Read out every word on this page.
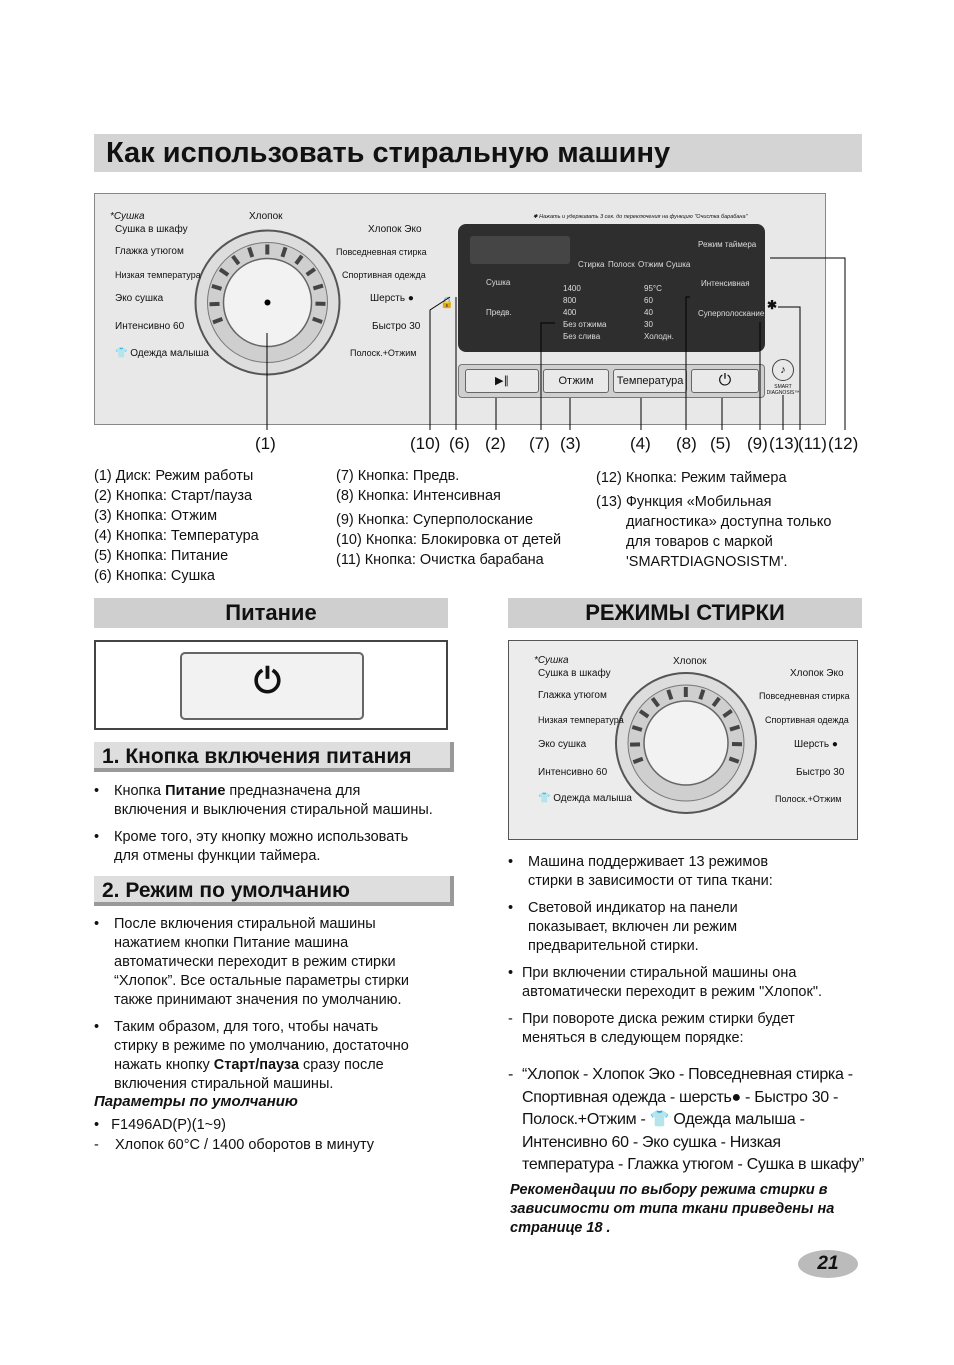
Как использовать стиральную машину
*Сушка
Сушка в шкафу
Глажка утюгом
Низкая температура
Эко сушка
Интенсивно 60
👕 Одежда малыша
Хлопок
Хлопок Эко
Повседневная стирка
Спортивная одежда
Шерсть ●
Быстро 30
Полоск.+Отжим
✱ Нажать и удерживать 3 сек. до переключения на функцию "Очистка барабана"
Стирка Полоск Отжим Сушка
Режим таймера
Сушка
Предв.
1400
800
400
Без отжима
Без слива
95°C
60
40
30
Холодн.
Интенсивная
Суперполоскание
▶∥	Отжим	Температура	⏻
♪
SMART DIAGNOSIS™
🔒	✱
(1)	(10) (6) (2) (7) (3)	(4) (8) (5) (9) (13)
(11) (12)
(1) Диск: Режим работы
(2) Кнопка: Старт/пауза
(3) Кнопка: Отжим
(4) Кнопка: Температура
(5) Кнопка: Питание
(6) Кнопка: Сушка
(7) Кнопка: Предв.
(8) Кнопка: Интенсивная
(9) Кнопка: Суперполоскание
(10) Кнопка: Блокировка от детей
(11) Кнопка: Очистка барабана
(12) Кнопка: Режим таймера
(13) Функция «Мобильная
диагностика» доступна только
для товаров с маркой
'SMARTDIAGNOSISTM'.
Питание
⏻
1. Кнопка включения питания
• Кнопка Питание предназначена для

включения и выключения стиральной машины.

• Кроме того, эту кнопку можно использовать

для отмены функции таймера.

2. Режим по умолчанию
• После включения стиральной машины

нажатием кнопки Питание машина

автоматически переходит в режим стирки

“Хлопок”. Все остальные параметры стирки

также принимают значения по умолчанию.

• Таким образом, для того, чтобы начать

стирку в режиме по умолчанию, достаточно

нажать кнопку Старт/пауза сразу после

включения стиральной машины.

Параметры по умолчанию
• F1496AD(P)(1~9)
-    Хлопок 60°C / 1400 оборотов в минуту
РЕЖИМЫ СТИРКИ
*Сушка
Сушка в шкафу
Глажка утюгом
Низкая температура
Эко сушка
Интенсивно 60
👕 Одежда малыша
Хлопок
Хлопок Эко
Повседневная стирка
Спортивная одежда
Шерсть ●
Быстро 30
Полоск.+Отжим
• Машина поддерживает 13 режимов

стирки в зависимости от типа ткани:

• Световой индикатор на панели

показывает, включен ли режим

предварительной стирки.

• При включении стиральной машины она

автоматически переходит в режим "Хлопок".

- При повороте диска режим стирки будет

меняться в следующем порядке:

- “Хлопок - Хлопок Эко - Повседневная стирка -
Спортивная одежда - шерсть● - Быстро 30 -
Полоск.+Отжим - 👕 Одежда малыша -
Интенсивно 60 - Эко сушка - Низкая
температура - Глажка утюгом - Сушка в шкафу”
Рекомендации по выбору режима стирки в
зависимости от типа ткани приведены на
странице 18 .
21
